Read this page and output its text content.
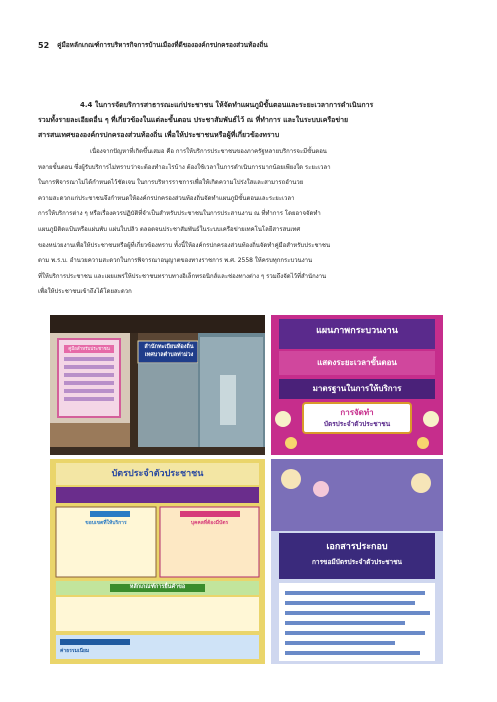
52 คู่มือหลักเกณฑ์การบริหารกิจการบ้านเมืองที่ดีขององค์กรปกครองส่วนท้องถิ่น
4.4 ในการจัดบริการสาธารณะแก่ประชาชน ให้จัดทำแผนภูมิขั้นตอนและระยะเวลาการดำเนินการ
รวมทั้งรายละเอียดอื่น ๆ ที่เกี่ยวข้องในแต่ละขั้นตอน ประชาสัมพันธ์ไว้ ณ ที่ทำการ และในระบบเครือข่าย
สารสนเทศขององค์กรปกครองส่วนท้องถิ่น เพื่อให้ประชาชนหรือผู้ที่เกี่ยวข้องทราบ
เนื่องจากปัญหาที่เกิดขึ้นเสมอ คือ การให้บริการประชาชนของภาครัฐหลายบริการจะมีขั้นตอน
หลายขั้นตอน ซึ่งผู้รับบริการไม่ทราบว่าจะต้องทำอะไรบ้าง ต้องใช้เวลาในการดำเนินการมากน้อยเพียงใด ระยะเวลา
ในการพิจารณาไม่ได้กำหนดไว้ชัดเจน ในการบริหารราชการเพื่อให้เกิดความโปร่งใสและสามารถอำนวย
ความสะดวกแก่ประชาชนจึงกำหนดให้องค์กรปกครองส่วนท้องถิ่นจัดทำแผนภูมิขั้นตอนและระยะเวลา
การให้บริการต่าง ๆ หรือเรื่องควรปฏิบัติที่จำเป็นสำหรับประชาชนในการประสานงาน ณ ที่ทำการ โดยอาจจัดทำ
แผนภูมิติดแป้นหรือแผ่นพับ แผ่นใบปลิว ตลอดจนประชาสัมพันธ์ในระบบเครือข่ายเทคโนโลยีสารสนเทศ
ของหน่วยงานเพื่อให้ประชาชนหรือผู้ที่เกี่ยวข้องทราบ ทั้งนี้ให้องค์กรปกครองส่วนท้องถิ่นจัดทำคู่มือสำหรับประชาชน
ตาม พ.ร.บ. อำนวยความสะดวกในการพิจารณาอนุญาตของทางราชการ พ.ศ. 2558 ให้ครบทุกกระบวนงาน
ที่ให้บริการประชาชน และเผยแพร่ให้ประชาชนทราบทางอิเล็กทรอนิกส์และช่องทางต่าง ๆ รวมถึงจัดไว้ที่สำนักงาน
เพื่อให้ประชาชนเข้าถึงได้โดยสะดวก
สำนักทะเบียนท้องถิ่น เทศบาลตำบลท่าม่วง
คู่มือสำหรับประชาชน
แผนภาพกระบวนงาน
แสดงระยะเวลาขั้นตอน
มาตรฐานในการให้บริการ
การจัดทำ
บัตรประจำตัวประชาชน
บัตรประจำตัวประชาชน
ขอบเขตที่ให้บริการ	บุคคลที่ต้องมีบัตร
หลักเกณฑ์การยื่นคำขอ
ค่าธรรมเนียม
เอกสารประกอบ
การขอมีบัตรประจำตัวประชาชน
